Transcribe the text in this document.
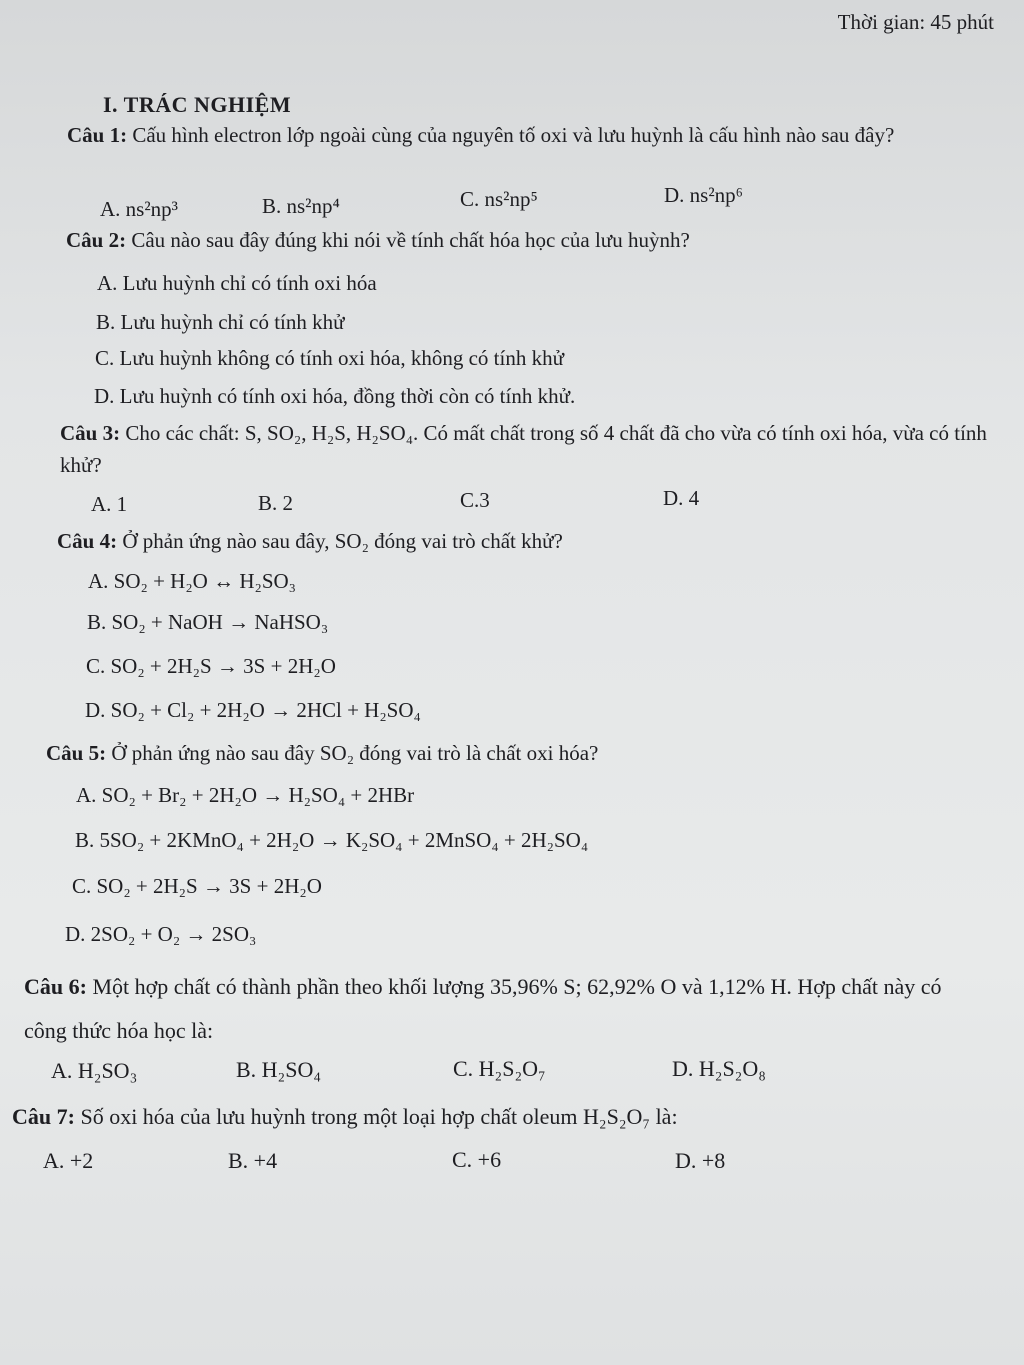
Thời gian: 45 phút
I. TRÁC NGHIỆM
Câu 1: Cấu hình electron lớp ngoài cùng của nguyên tố oxi và lưu huỳnh là cấu hình nào sau đây?
A. ns²np³	B. ns²np⁴	C. ns²np⁵	D. ns²np⁶
Câu 2: Câu nào sau đây đúng khi nói về tính chất hóa học của lưu huỳnh?
A. Lưu huỳnh chỉ có tính oxi hóa
B. Lưu huỳnh chỉ có tính khử
C. Lưu huỳnh không có tính oxi hóa, không có tính khử
D. Lưu huỳnh có tính oxi hóa, đồng thời còn có tính khử.
Câu 3: Cho các chất: S, SO₂, H₂S, H₂SO₄. Có mất chất trong số 4 chất đã cho vừa có tính oxi hóa, vừa có tính khử?
A. 1	B. 2	C.3	D. 4
Câu 4: Ở phản ứng nào sau đây, SO₂ đóng vai trò chất khử?
A. SO₂ + H₂O ↔ H₂SO₃
B. SO₂ + NaOH → NaHSO₃
C. SO₂ + 2H₂S → 3S + 2H₂O
D. SO₂ + Cl₂ + 2H₂O → 2HCl + H₂SO₄
Câu 5: Ở phản ứng nào sau đây SO₂ đóng vai trò là chất oxi hóa?
A. SO₂ + Br₂ + 2H₂O → H₂SO₄ + 2HBr
B. 5SO₂ + 2KMnO₄ + 2H₂O → K₂SO₄ + 2MnSO₄ + 2H₂SO₄
C. SO₂ + 2H₂S → 3S + 2H₂O
D. 2SO₂ + O₂ → 2SO₃
Câu 6: Một hợp chất có thành phần theo khối lượng 35,96% S; 62,92% O và 1,12% H. Hợp chất này có công thức hóa học là:
A. H₂SO₃	B. H₂SO₄	C. H₂S₂O₇	D. H₂S₂O₈
Câu 7: Số oxi hóa của lưu huỳnh trong một loại hợp chất oleum H₂S₂O₇ là:
A. +2	B. +4	C. +6	D. +8
